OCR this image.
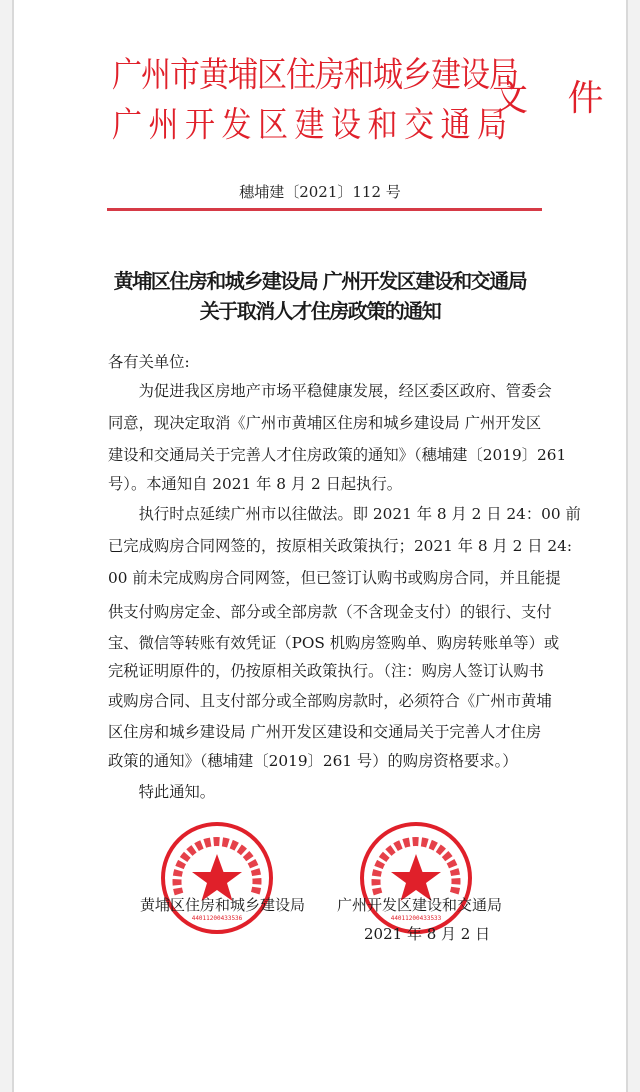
广州市黄埔区住房和城乡建设局
广州开发区建设和交通局
文 件
穗埔建〔2021〕112 号
黄埔区住房和城乡建设局 广州开发区建设和交通局
关于取消人才住房政策的通知
各有关单位:
　　为促进我区房地产市场平稳健康发展，经区委区政府、管委会
同意，现决定取消《广州市黄埔区住房和城乡建设局 广州开发区
建设和交通局关于完善人才住房政策的通知》（穗埔建〔2019〕261
号）。本通知自 2021 年 8 月 2 日起执行。
　　执行时点延续广州市以往做法。即 2021 年 8 月 2 日 24：00 前
已完成购房合同网签的，按原相关政策执行；2021 年 8 月 2 日 24:
00 前未完成购房合同网签，但已签订认购书或购房合同，并且能提
供支付购房定金、部分或全部房款（不含现金支付）的银行、支付
宝、微信等转账有效凭证（POS 机购房签购单、购房转账单等）或
完税证明原件的，仍按原相关政策执行。（注：购房人签订认购书
或购房合同、且支付部分或全部购房款时，必须符合《广州市黄埔
区住房和城乡建设局 广州开发区建设和交通局关于完善人才住房
政策的通知》（穗埔建〔2019〕261 号）的购房资格要求。）
　　特此通知。
44011200433536	44011200433533
黄埔区住房和城乡建设局 广州开发区建设和交通局
2021 年 8 月 2 日
